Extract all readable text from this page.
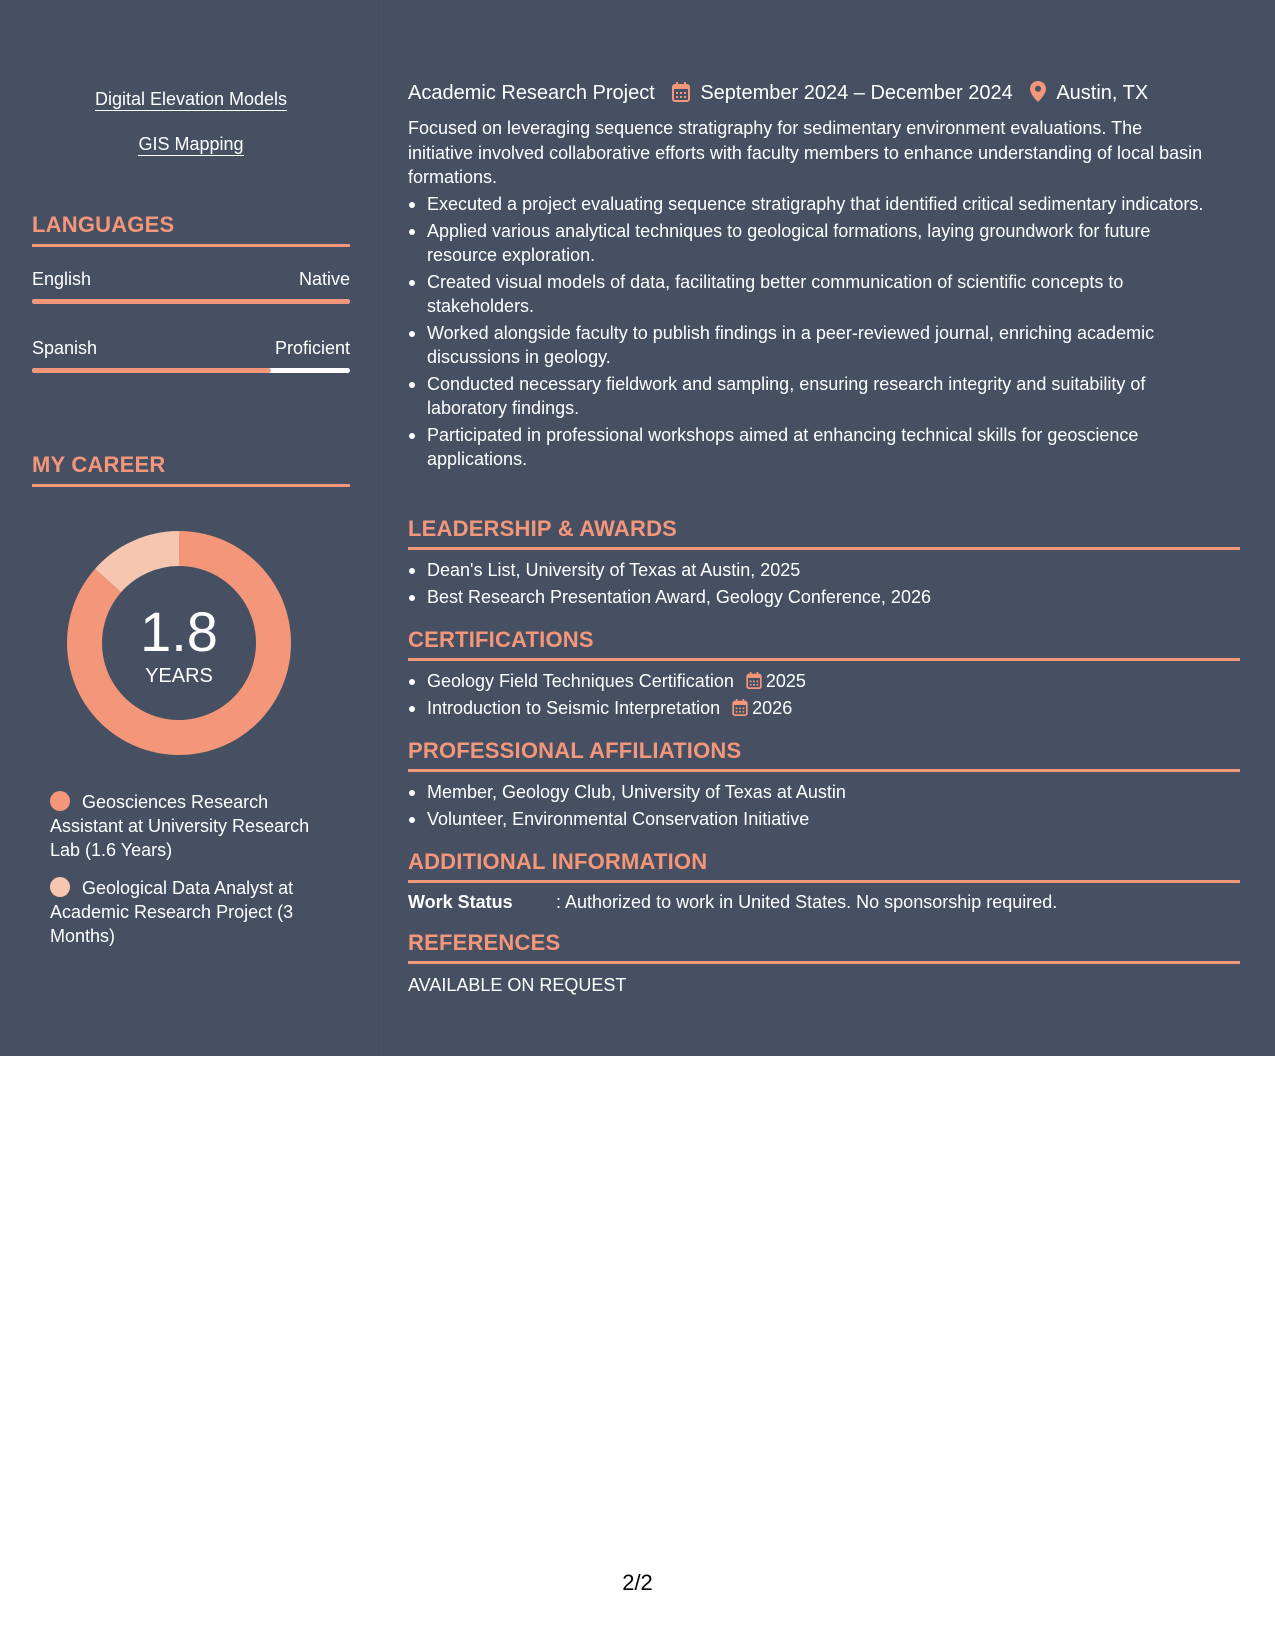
Digital Elevation Models
GIS Mapping
LANGUAGES
English	Native
Spanish	Proficient
MY CAREER
1.8
YEARS
Geosciences Research Assistant at University Research Lab (1.6 Years)
Geological Data Analyst at Academic Research Project (3 Months)
Academic Research Project September 2024 – December 2024 Austin, TX
Focused on leveraging sequence stratigraphy for sedimentary environment evaluations. The initiative involved collaborative efforts with faculty members to enhance understanding of local basin formations.
Executed a project evaluating sequence stratigraphy that identified critical sedimentary indicators.
Applied various analytical techniques to geological formations, laying groundwork for future resource exploration.
Created visual models of data, facilitating better communication of scientific concepts to stakeholders.
Worked alongside faculty to publish findings in a peer-reviewed journal, enriching academic discussions in geology.
Conducted necessary fieldwork and sampling, ensuring research integrity and suitability of laboratory findings.
Participated in professional workshops aimed at enhancing technical skills for geoscience applications.
LEADERSHIP & AWARDS
Dean's List, University of Texas at Austin, 2025
Best Research Presentation Award, Geology Conference, 2026
CERTIFICATIONS
Geology Field Techniques Certification 2025
Introduction to Seismic Interpretation 2026
PROFESSIONAL AFFILIATIONS
Member, Geology Club, University of Texas at Austin
Volunteer, Environmental Conservation Initiative
ADDITIONAL INFORMATION
Work Status : Authorized to work in United States. No sponsorship required.
REFERENCES
AVAILABLE ON REQUEST
2/2
